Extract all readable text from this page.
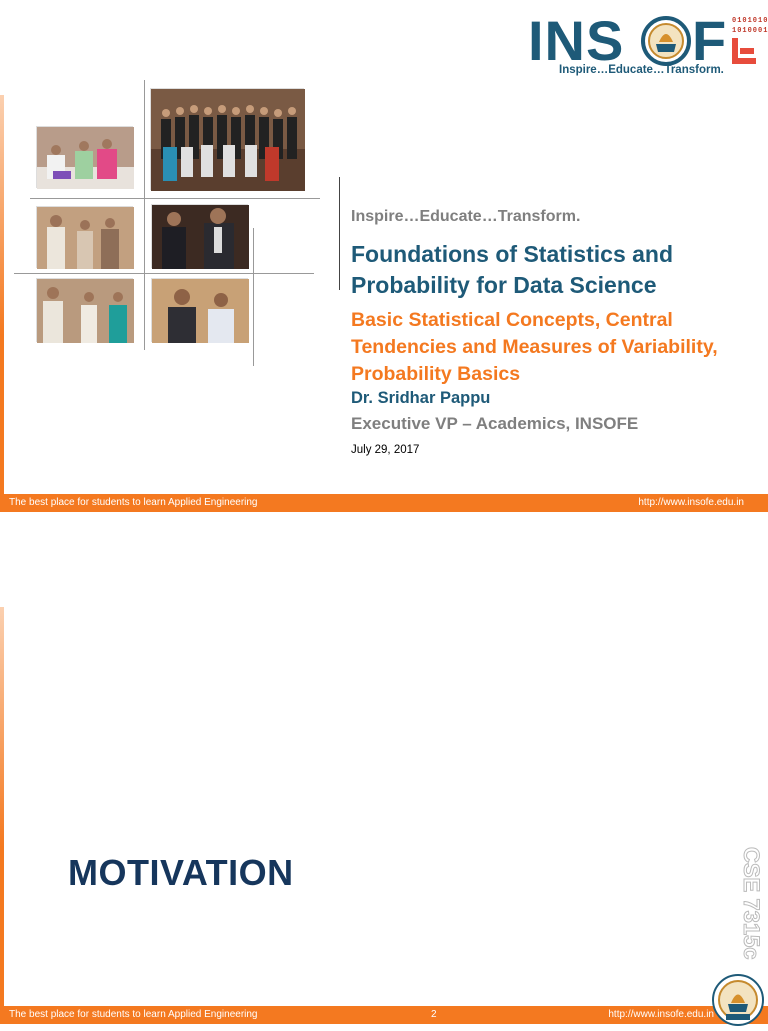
INS F 0101010
1010001
Inspire…Educate…Transform.
Inspire…Educate…Transform.
Foundations of Statistics and Probability for Data Science
Basic Statistical Concepts, Central Tendencies and Measures of Variability, Probability Basics
Dr. Sridhar Pappu
Executive VP – Academics, INSOFE
July 29, 2017
The best place for students to learn Applied Engineering	http://www.insofe.edu.in
MOTIVATION	CSE 7315c
The best place for students to learn Applied Engineering	2	http://www.insofe.edu.in
